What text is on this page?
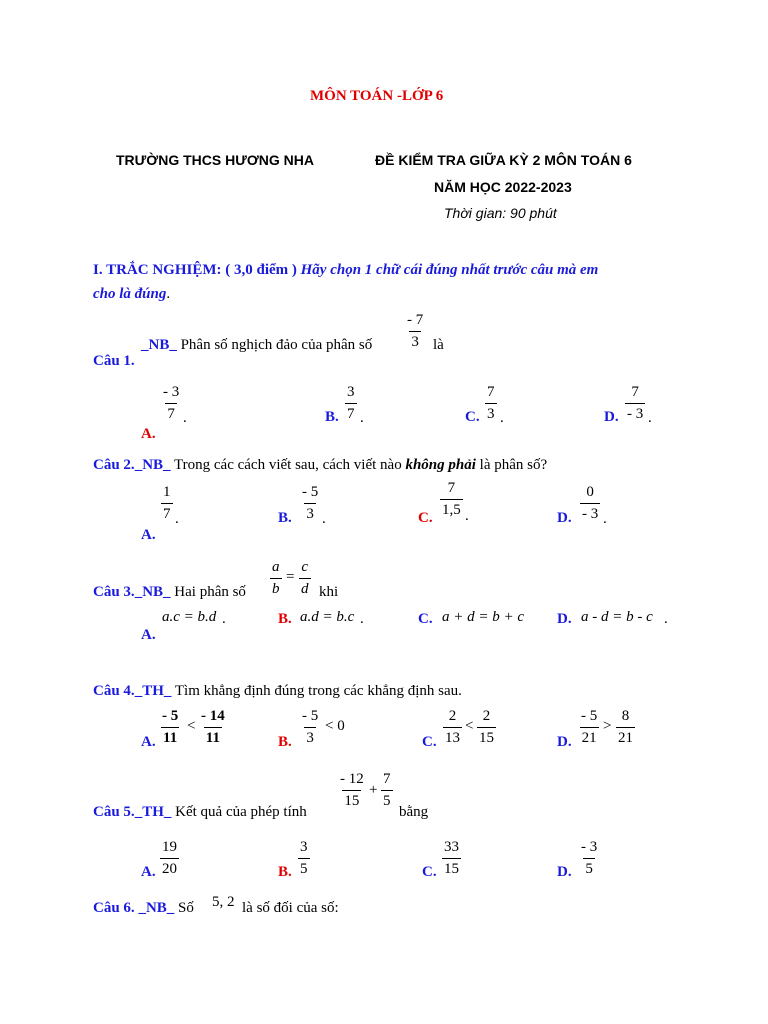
MÔN TOÁN -LỚP 6
TRƯỜNG THCS HƯƠNG NHA	ĐỀ KIỂM TRA GIỮA KỲ 2 MÔN TOÁN 6
NĂM HỌC 2022-2023
Thời gian: 90 phút
I. TRẮC NGHIỆM: ( 3,0 điểm ) Hãy chọn 1 chữ cái đúng nhất trước câu mà em
cho là đúng.
_NB_ Phân số nghịch đảo của phân số $\frac{- 7}{3}$ là
Câu 1.
$\frac{- 3}{7}$ .
A.
B. $\frac{3}{7}$ .	C. $\frac{7}{3}$ .	D. $\frac{7}{- 3}$ .
Câu 2._NB_ Trong các cách viết sau, cách viết nào không phải là phân số?
$\frac{1}{7}$ .
A.
B. $\frac{- 5}{3}$ .	C. $\frac{7}{1,5}$ .	D. $\frac{0}{- 3}$ .
Câu 3._NB_ Hai phân số $\frac{a}{b} = \frac{c}{d}$ khi
a.c = b.d .
A.
B. a.d = b.c .	C. a + d = b + c D. a - d = b - c .
Câu 4._TH_ Tìm khẳng định đúng trong các khẳng định sau.
A. $\frac{- 5}{11} < \frac{- 14}{11}$	B. $\frac{- 5}{3} < 0$
C. $\frac{2}{13} < \frac{2}{15}$	D. $\frac{- 5}{21} > \frac{8}{21}$
$\frac{- 12}{15} + \frac{7}{5}$
Câu 5._TH_ Kết quả của phép tính	bằng
A. $\frac{19}{20}$	B. $\frac{3}{5}$	C. $\frac{33}{15}$	D. $\frac{- 3}{5}$
Câu 6. _NB_ Số 5, 2 là số đối của số:
